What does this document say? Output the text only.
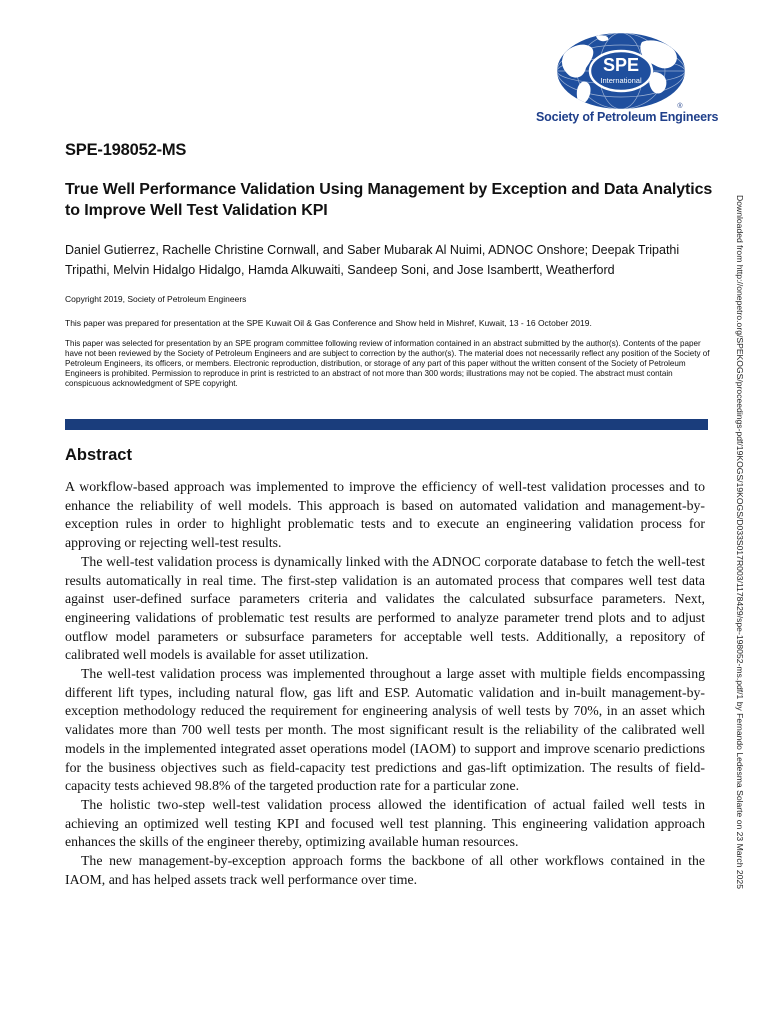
SPE
International
®
Society of Petroleum Engineers
SPE-198052-MS
True Well Performance Validation Using Management by Exception and Data Analytics to Improve Well Test Validation KPI
Daniel Gutierrez, Rachelle Christine Cornwall, and Saber Mubarak Al Nuimi, ADNOC Onshore; Deepak Tripathi Tripathi, Melvin Hidalgo Hidalgo, Hamda Alkuwaiti, Sandeep Soni, and Jose Isambertt, Weatherford
Copyright 2019, Society of Petroleum Engineers
This paper was prepared for presentation at the SPE Kuwait Oil & Gas Conference and Show held in Mishref, Kuwait, 13 - 16 October 2019.
This paper was selected for presentation by an SPE program committee following review of information contained in an abstract submitted by the author(s). Contents of the paper have not been reviewed by the Society of Petroleum Engineers and are subject to correction by the author(s). The material does not necessarily reflect any position of the Society of Petroleum Engineers, its officers, or members. Electronic reproduction, distribution, or storage of any part of this paper without the written consent of the Society of Petroleum Engineers is prohibited. Permission to reproduce in print is restricted to an abstract of not more than 300 words; illustrations may not be copied. The abstract must contain conspicuous acknowledgment of SPE copyright.
Abstract

A workflow-based approach was implemented to improve the efficiency of well-test validation processes and to enhance the reliability of well models. This approach is based on automated validation and management-by-exception rules in order to highlight problematic tests and to execute an engineering validation process for approving or rejecting well-test results.

The well-test validation process is dynamically linked with the ADNOC corporate database to fetch the well-test results automatically in real time. The first-step validation is an automated process that compares well test data against user-defined surface parameters criteria and validates the calculated subsurface parameters. Next, engineering validations of problematic test results are performed to analyze parameter trend plots and to adjust outflow model parameters or subsurface parameters for acceptable well tests. Additionally, a repository of calibrated well models is available for asset utilization.

The well-test validation process was implemented throughout a large asset with multiple fields encompassing different lift types, including natural flow, gas lift and ESP. Automatic validation and in-built management-by-exception methodology reduced the requirement for engineering analysis of well tests by 70%, in an asset which validates more than 700 well tests per month. The most significant result is the reliability of the calibrated well models in the implemented integrated asset operations model (IAOM) to support and improve scenario predictions for the business objectives such as field-capacity test predictions and gas-lift optimization. The results of field-capacity tests achieved 98.8% of the targeted production rate for a particular zone.

The holistic two-step well-test validation process allowed the identification of actual failed well tests in achieving an optimized well testing KPI and focused well test planning. This engineering validation approach enhances the skills of the engineer thereby, optimizing available human resources.

The new management-by-exception approach forms the backbone of all other workflows contained in the IAOM, and has helped assets track well performance over time.	Downloaded from http://onepetro.org/SPEKOGS/proceedings-pdf/19KOGS/19KOGS/D033S017R003/1178429/spe-198052-ms.pdf/1 by Fernando Ledesma Solarte on 23 March 2025
